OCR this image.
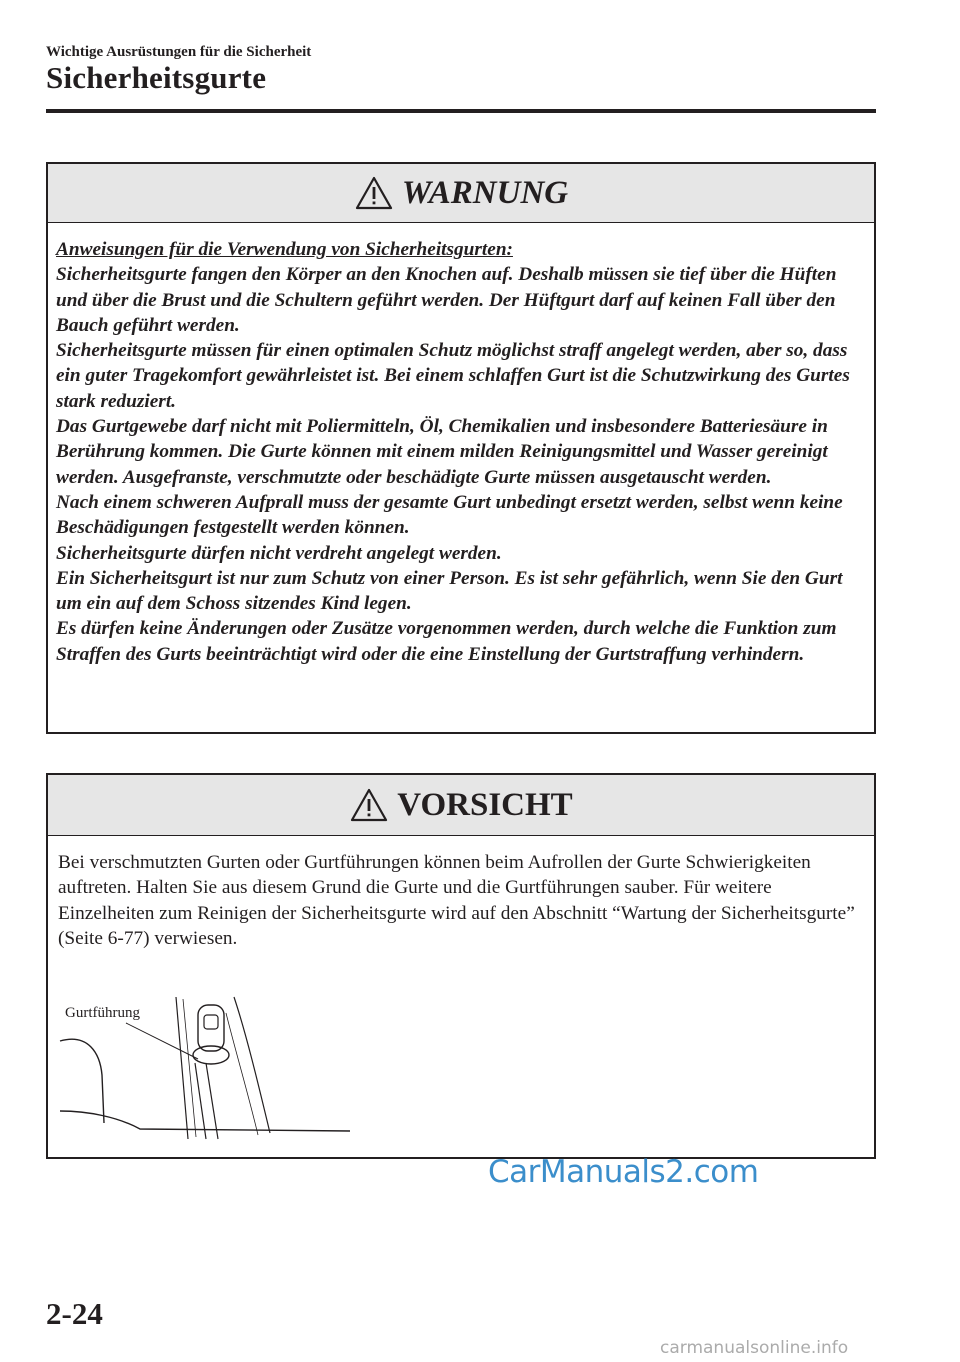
Wichtige Ausrüstungen für die Sicherheit
Sicherheitsgurte
WARNUNG

Anweisungen für die Verwendung von Sicherheitsgurten:

Sicherheitsgurte fangen den Körper an den Knochen auf. Deshalb müssen sie tief über die Hüften und über die Brust und die Schultern geführt werden. Der Hüftgurt darf auf keinen Fall über den Bauch geführt werden.

Sicherheitsgurte müssen für einen optimalen Schutz möglichst straff angelegt werden, aber so, dass ein guter Tragekomfort gewährleistet ist. Bei einem schlaffen Gurt ist die Schutzwirkung des Gurtes stark reduziert.

Das Gurtgewebe darf nicht mit Poliermitteln, Öl, Chemikalien und insbesondere Batteriesäure in Berührung kommen. Die Gurte können mit einem milden Reinigungsmittel und Wasser gereinigt werden. Ausgefranste, verschmutzte oder beschädigte Gurte müssen ausgetauscht werden.

Nach einem schweren Aufprall muss der gesamte Gurt unbedingt ersetzt werden, selbst wenn keine Beschädigungen festgestellt werden können.

Sicherheitsgurte dürfen nicht verdreht angelegt werden.

Ein Sicherheitsgurt ist nur zum Schutz von einer Person. Es ist sehr gefährlich, wenn Sie den Gurt um ein auf dem Schoss sitzendes Kind legen.

Es dürfen keine Änderungen oder Zusätze vorgenommen werden, durch welche die Funktion zum Straffen des Gurts beeinträchtigt wird oder die eine Einstellung der Gurtstraffung verhindern.

VORSICHT

Bei verschmutzten Gurten oder Gurtführungen können beim Aufrollen der Gurte Schwierigkeiten auftreten. Halten Sie aus diesem Grund die Gurte und die Gurtführungen sauber. Für weitere Einzelheiten zum Reinigen der Sicherheitsgurte wird auf den Abschnitt “Wartung der Sicherheitsgurte” (Seite 6-77) verwiesen.

Gurtführung
CarManuals2.com
2-24
carmanualsonline.info
